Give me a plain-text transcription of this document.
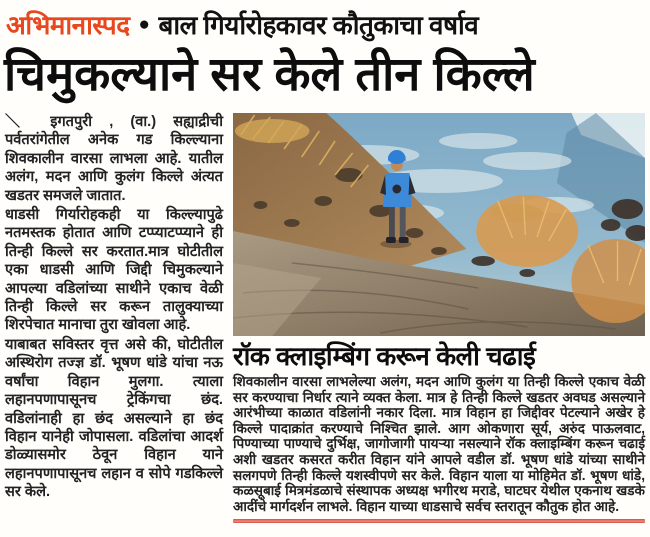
अभिमानास्पद ● बाल गिर्यारोहकावर कौतुकाचा वर्षाव
चिमुकल्याने सर केले तीन किल्ले

＼ इगतपुरी , (वा.) सह्याद्रीची पर्वतरांगेतील अनेक गड किल्ल्याना शिवकालीन वारसा लाभला आहे. यातील अलंग, मदन आणि कुलंग किल्ले अंत्यत खडतर समजले जातात.

धाडसी गिर्यारोहकही या किल्ल्यापुढे नतमस्तक होतात आणि टप्प्याटप्प्याने ही तिन्ही किल्ले सर करतात.मात्र घोटीतील एका धाडसी आणि जिद्दी चिमुकल्याने आपल्या वडिलांच्या साथीने एकाच वेळी तिन्ही किल्ले सर करून तालुक्याच्या शिरपेचात मानाचा तुरा खोवला आहे.

याबाबत सविस्तर वृत्त असे की, घोटीतील अस्थिरोग तज्ज्ञ डॉ. भूषण धांडे यांचा नऊ वर्षांचा विहान मुलगा. त्याला लहानपणापासूनच ट्रेकिंगचा छंद. वडिलांनाही हा छंद असल्याने हा छंद विहान यानेही जोपासला. वडिलांचा आदर्श डोळ्यासमोर ठेवून विहान याने लहानपणापासूनच लहान व सोपे गडकिल्ले सर केले.

रॉक क्लाइम्बिंग करून केली चढाई
शिवकालीन वारसा लाभलेल्या अलंग, मदन आणि कुलंग या तिन्ही किल्ले एकाच वेळी सर करण्याचा निर्धार त्याने व्यक्त केला. मात्र हे तिन्ही किल्ले खडतर अवघड असल्याने आरंभीच्या काळात वडिलांनी नकार दिला. मात्र विहान हा जिद्दीवर पेटल्याने अखेर हे किल्ले पादाक्रांत करण्याचे निश्चित झाले. आग ओकणारा सूर्य, अरुंद पाऊलवाट, पिण्याच्या पाण्याचे दुर्भिक्ष, जागोजागी पायऱ्या नसल्याने रॉक क्लाइम्बिंग करून चढाई अशी खडतर कसरत करीत विहान यांने आपले वडील डॉ. भूषण धांडे यांच्या साथीने सलगपणे तिन्ही किल्ले यशस्वीपणे सर केले. विहान याला या मोहिमेत डॉ. भूषण धांडे, कळसूबाई मित्रमंडळाचे संस्थापक अध्यक्ष भगीरथ मराडे, घाटघर येथील एकनाथ खडके आदींचे मार्गदर्शन लाभले. विहान याच्या धाडसाचे सर्वच स्तरातून कौतुक होत आहे.
